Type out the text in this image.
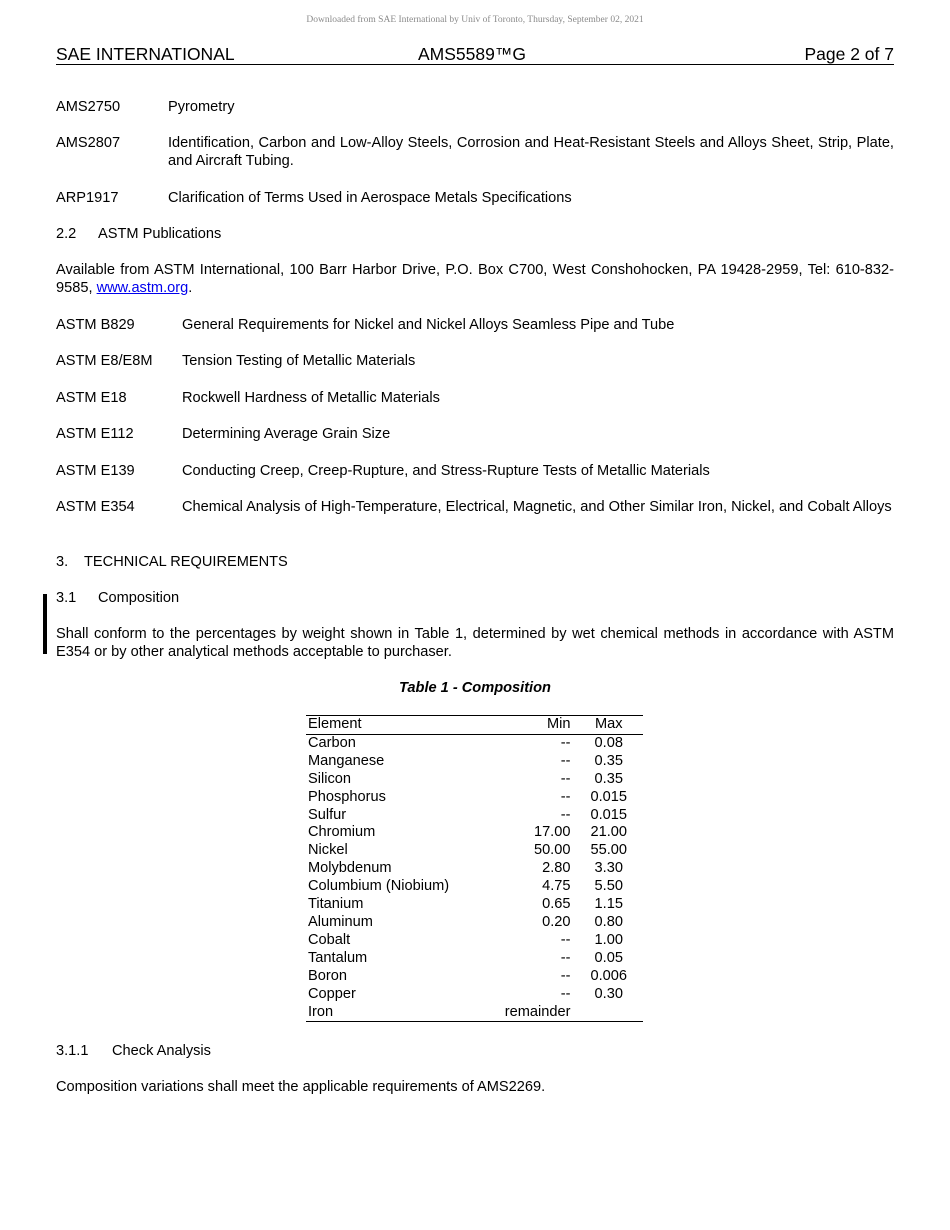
Downloaded from SAE International by Univ of Toronto, Thursday, September 02, 2021
SAE INTERNATIONAL	AMS5589™G	Page 2 of 7
AMS2750	Pyrometry
AMS2807	Identification, Carbon and Low-Alloy Steels, Corrosion and Heat-Resistant Steels and Alloys Sheet, Strip, Plate, and Aircraft Tubing.
ARP1917	Clarification of Terms Used in Aerospace Metals Specifications
2.2 ASTM Publications
Available from ASTM International, 100 Barr Harbor Drive, P.O. Box C700, West Conshohocken, PA 19428-2959, Tel: 610-832-9585, www.astm.org.
ASTM B829	General Requirements for Nickel and Nickel Alloys Seamless Pipe and Tube
ASTM E8/E8M Tension Testing of Metallic Materials
ASTM E18	Rockwell Hardness of Metallic Materials
ASTM E112	Determining Average Grain Size
ASTM E139	Conducting Creep, Creep-Rupture, and Stress-Rupture Tests of Metallic Materials
ASTM E354	Chemical Analysis of High-Temperature, Electrical, Magnetic, and Other Similar Iron, Nickel, and Cobalt Alloys
3. TECHNICAL REQUIREMENTS
3.1 Composition
Shall conform to the percentages by weight shown in Table 1, determined by wet chemical methods in accordance with ASTM E354 or by other analytical methods acceptable to purchaser.
Table 1 - Composition
Element	Min	Max
Carbon	--	0.08
Manganese	--	0.35
Silicon	--	0.35
Phosphorus	--	0.015
Sulfur	--	0.015
Chromium	17.00	21.00
Nickel	50.00	55.00
Molybdenum	2.80	3.30
Columbium (Niobium)	4.75	5.50
Titanium	0.65	1.15
Aluminum	0.20	0.80
Cobalt	--	1.00
Tantalum	--	0.05
Boron	--	0.006
Copper	--	0.30
Iron	remainder	
3.1.1 Check Analysis
Composition variations shall meet the applicable requirements of AMS2269.
